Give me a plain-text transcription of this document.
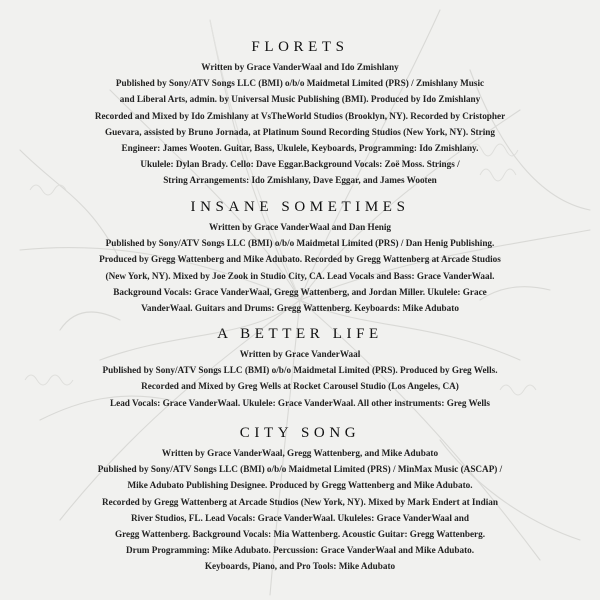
FLORETS
Written by Grace VanderWaal and Ido Zmishlany
Published by Sony/ATV Songs LLC (BMI) o/b/o Maidmetal Limited (PRS) / Zmishlany Music
and Liberal Arts, admin. by Universal Music Publishing (BMI). Produced by Ido Zmishlany
Recorded and Mixed by Ido Zmishlany at VsTheWorld Studios (Brooklyn, NY). Recorded by Cristopher
Guevara, assisted by Bruno Jornada, at Platinum Sound Recording Studios (New York, NY). String
Engineer: James Wooten. Guitar, Bass, Ukulele, Keyboards, Programming: Ido Zmishlany.
Ukulele: Dylan Brady. Cello: Dave Eggar.Background Vocals: Zoë Moss. Strings /
String Arrangements: Ido Zmishlany, Dave Eggar, and James Wooten
INSANE SOMETIMES
Written by Grace VanderWaal and Dan Henig
Published by Sony/ATV Songs LLC (BMI) o/b/o Maidmetal Limited (PRS) / Dan Henig Publishing.
Produced by Gregg Wattenberg and Mike Adubato. Recorded by Gregg Wattenberg at Arcade Studios
(New York, NY). Mixed by Joe Zook in Studio City, CA. Lead Vocals and Bass: Grace VanderWaal.
Background Vocals: Grace VanderWaal, Gregg Wattenberg, and Jordan Miller. Ukulele: Grace
VanderWaal. Guitars and Drums: Gregg Wattenberg. Keyboards: Mike Adubato
A BETTER LIFE
Written by Grace VanderWaal
Published by Sony/ATV Songs LLC (BMI) o/b/o Maidmetal Limited (PRS). Produced by Greg Wells.
Recorded and Mixed by Greg Wells at Rocket Carousel Studio (Los Angeles, CA)
Lead Vocals: Grace VanderWaal. Ukulele: Grace VanderWaal. All other instruments: Greg Wells
CITY SONG
Written by Grace VanderWaal, Gregg Wattenberg, and Mike Adubato
Published by Sony/ATV Songs LLC (BMI) o/b/o Maidmetal Limited (PRS) / MinMax Music (ASCAP) /
Mike Adubato Publishing Designee. Produced by Gregg Wattenberg and Mike Adubato.
Recorded by Gregg Wattenberg at Arcade Studios (New York, NY). Mixed by Mark Endert at Indian
River Studios, FL. Lead Vocals: Grace VanderWaal. Ukuleles: Grace VanderWaal and
Gregg Wattenberg. Background Vocals: Mia Wattenberg. Acoustic Guitar: Gregg Wattenberg.
Drum Programming: Mike Adubato. Percussion: Grace VanderWaal and Mike Adubato.
Keyboards, Piano, and Pro Tools: Mike Adubato
